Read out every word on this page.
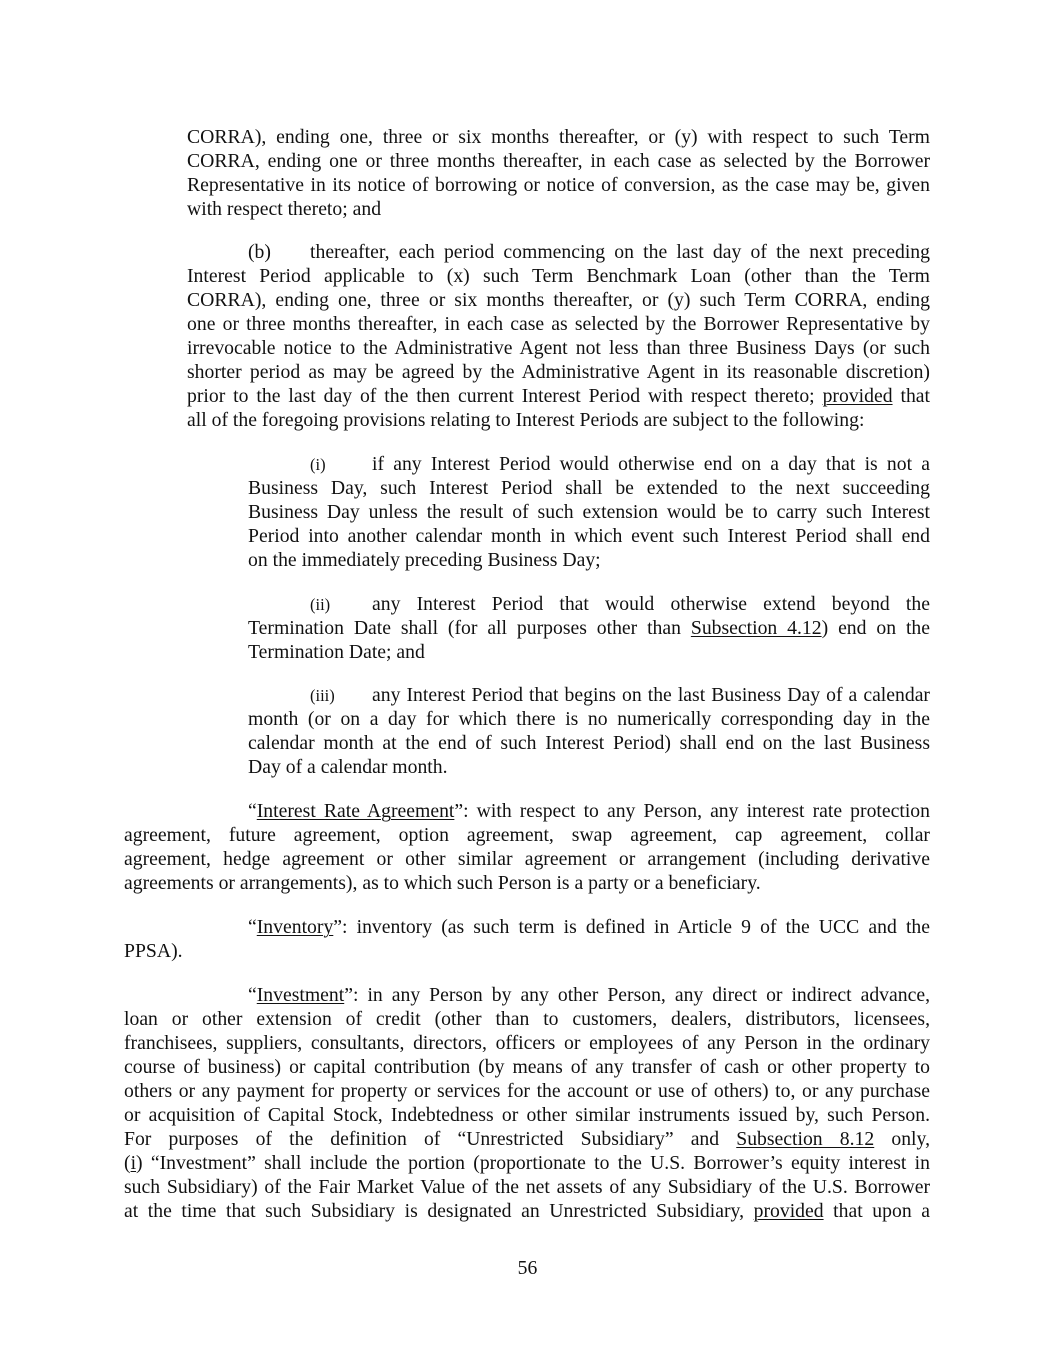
CORRA), ending one, three or six months thereafter, or (y) with respect to such Term
CORRA, ending one or three months thereafter, in each case as selected by the Borrower
Representative in its notice of borrowing or notice of conversion, as the case may be, given
with respect thereto; and
(b)	thereafter, each period commencing on the last day of the next preceding
Interest Period applicable to (x) such Term Benchmark Loan (other than the Term
CORRA), ending one, three or six months thereafter, or (y) such Term CORRA, ending
one or three months thereafter, in each case as selected by the Borrower Representative by
irrevocable notice to the Administrative Agent not less than three Business Days (or such
shorter period as may be agreed by the Administrative Agent in its reasonable discretion)
prior to the last day of the then current Interest Period with respect thereto; provided that
all of the foregoing provisions relating to Interest Periods are subject to the following:
(i)	if any Interest Period would otherwise end on a day that is not a
Business Day, such Interest Period shall be extended to the next succeeding
Business Day unless the result of such extension would be to carry such Interest
Period into another calendar month in which event such Interest Period shall end
on the immediately preceding Business Day;
(ii)	any Interest Period that would otherwise extend beyond the
Termination Date shall (for all purposes other than Subsection 4.12) end on the
Termination Date; and
(iii)	any Interest Period that begins on the last Business Day of a calendar
month (or on a day for which there is no numerically corresponding day in the
calendar month at the end of such Interest Period) shall end on the last Business
Day of a calendar month.
“Interest Rate Agreement”: with respect to any Person, any interest rate protection
agreement, future agreement, option agreement, swap agreement, cap agreement, collar
agreement, hedge agreement or other similar agreement or arrangement (including derivative
agreements or arrangements), as to which such Person is a party or a beneficiary.
“Inventory”: inventory (as such term is defined in Article 9 of the UCC and the
PPSA).
“Investment”: in any Person by any other Person, any direct or indirect advance,
loan or other extension of credit (other than to customers, dealers, distributors, licensees,
franchisees, suppliers, consultants, directors, officers or employees of any Person in the ordinary
course of business) or capital contribution (by means of any transfer of cash or other property to
others or any payment for property or services for the account or use of others) to, or any purchase
or acquisition of Capital Stock, Indebtedness or other similar instruments issued by, such Person.
For purposes of the definition of “Unrestricted Subsidiary” and Subsection 8.12 only,
(i) “Investment” shall include the portion (proportionate to the U.S. Borrower’s equity interest in
such Subsidiary) of the Fair Market Value of the net assets of any Subsidiary of the U.S. Borrower
at the time that such Subsidiary is designated an Unrestricted Subsidiary, provided that upon a
56
